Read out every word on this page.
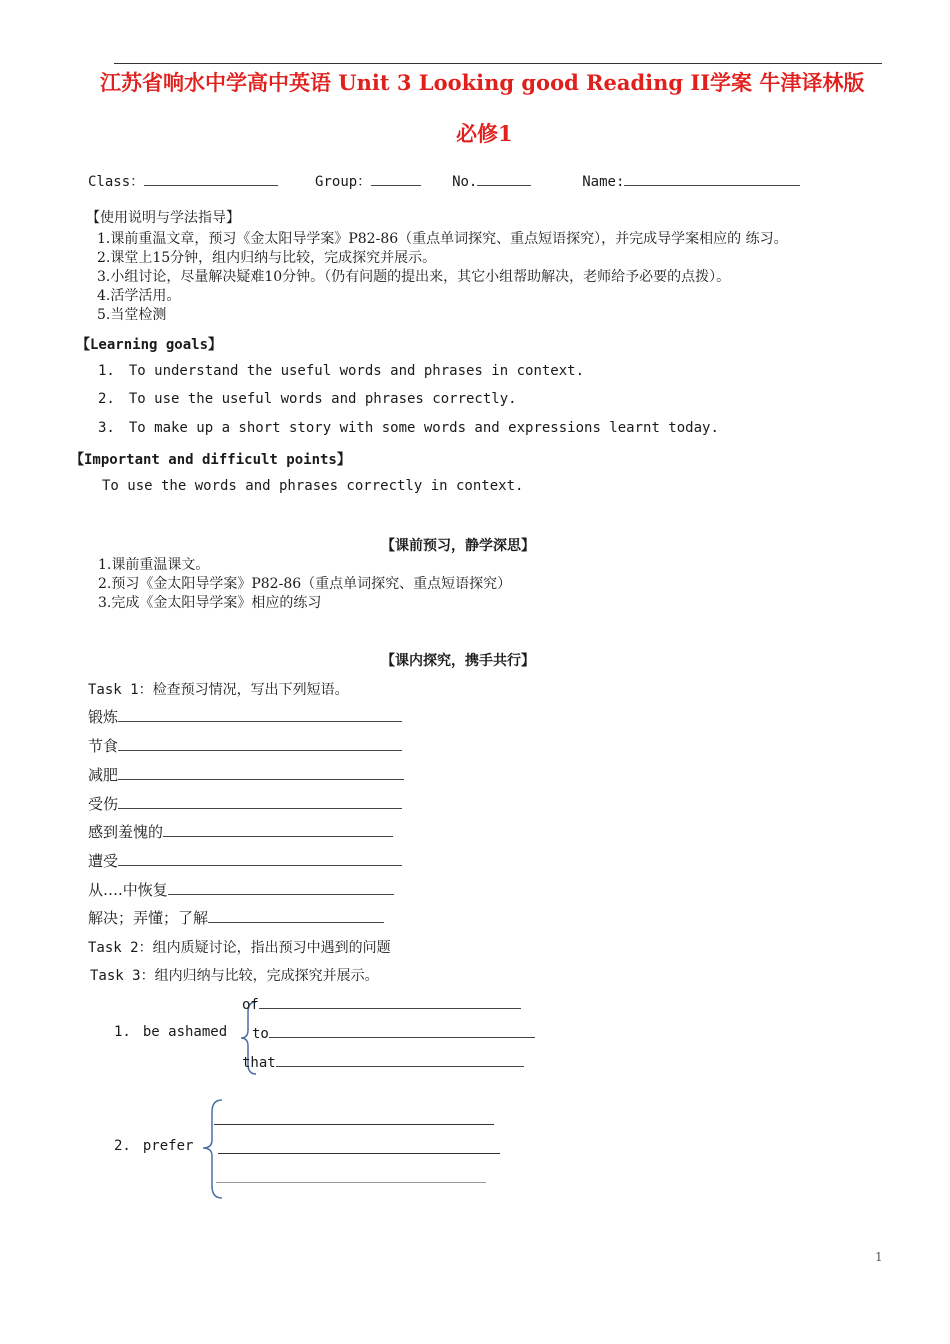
江苏省响水中学高中英语 Unit 3 Looking good Reading II学案 牛津译林版
必修1
Class：	Group：	No.	Name:
【使用说明与学法指导】
1.课前重温文章，预习《金太阳导学案》P82-86（重点单词探究、重点短语探究），并完成导学案相应的 练习。
2.课堂上15分钟，组内归纳与比较，完成探究并展示。
3.小组讨论，尽量解决疑难10分钟。（仍有问题的提出来，其它小组帮助解决，老师给予必要的点拨）。
4.活学活用。
5.当堂检测
【Learning goals】
1. To understand the useful words and phrases in context.
2. To use the useful words and phrases correctly.
3. To make up a short story with some words and expressions learnt today.
【Important and difficult points】
To use the words and phrases correctly in context.
【课前预习，静学深思】
1.课前重温课文。
2.预习《金太阳导学案》P82-86（重点单词探究、重点短语探究）
3.完成《金太阳导学案》相应的练习
【课内探究，携手共行】
Task 1：检查预习情况，写出下列短语。
锻炼
节食
减肥
受伤
感到羞愧的
遭受
从….中恢复
解决；弄懂；了解
Task 2：组内质疑讨论，指出预习中遇到的问题
Task 3：组内归纳与比较，完成探究并展示。
1. be ashamed
of
to
that
2. prefer
1
